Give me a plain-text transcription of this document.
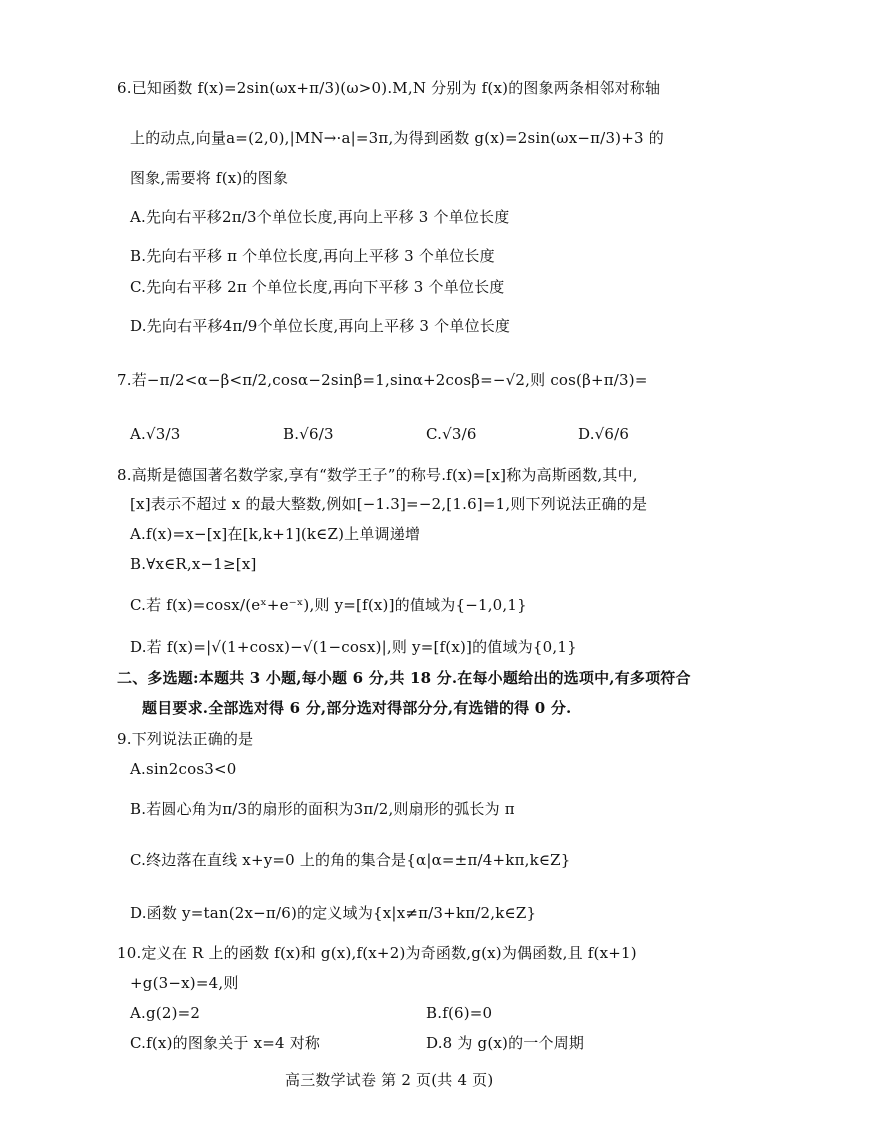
6.已知函数 f(x)=2sin(ωx+π/3)(ω>0).M,N 分别为 f(x)的图象两条相邻对称轴
上的动点,向量a=(2,0),|MN→·a|=3π,为得到函数 g(x)=2sin(ωx−π/3)+3 的
图象,需要将 f(x)的图象
A.先向右平移2π/3个单位长度,再向上平移 3 个单位长度
B.先向右平移 π 个单位长度,再向上平移 3 个单位长度
C.先向右平移 2π 个单位长度,再向下平移 3 个单位长度
D.先向右平移4π/9个单位长度,再向上平移 3 个单位长度
7.若−π/2<α−β<π/2,cosα−2sinβ=1,sinα+2cosβ=−√2,则 cos(β+π/3)=
A.√3/3	B.√6/3	C.√3/6	D.√6/6
8.高斯是德国著名数学家,享有“数学王子”的称号.f(x)=[x]称为高斯函数,其中,
[x]表示不超过 x 的最大整数,例如[−1.3]=−2,[1.6]=1,则下列说法正确的是
A.f(x)=x−[x]在[k,k+1](k∈Z)上单调递增
B.∀x∈R,x−1≥[x]
C.若 f(x)=cosx/(eˣ+e⁻ˣ),则 y=[f(x)]的值域为{−1,0,1}
D.若 f(x)=|√(1+cosx)−√(1−cosx)|,则 y=[f(x)]的值域为{0,1}
二、多选题:本题共 3 小题,每小题 6 分,共 18 分.在每小题给出的选项中,有多项符合
题目要求.全部选对得 6 分,部分选对得部分分,有选错的得 0 分.
9.下列说法正确的是
A.sin2cos3<0
B.若圆心角为π/3的扇形的面积为3π/2,则扇形的弧长为 π
C.终边落在直线 x+y=0 上的角的集合是{α|α=±π/4+kπ,k∈Z}
D.函数 y=tan(2x−π/6)的定义域为{x|x≠π/3+kπ/2,k∈Z}
10.定义在 R 上的函数 f(x)和 g(x),f(x+2)为奇函数,g(x)为偶函数,且 f(x+1)
+g(3−x)=4,则
A.g(2)=2	B.f(6)=0
C.f(x)的图象关于 x=4 对称	D.8 为 g(x)的一个周期
高三数学试卷 第 2 页(共 4 页)
